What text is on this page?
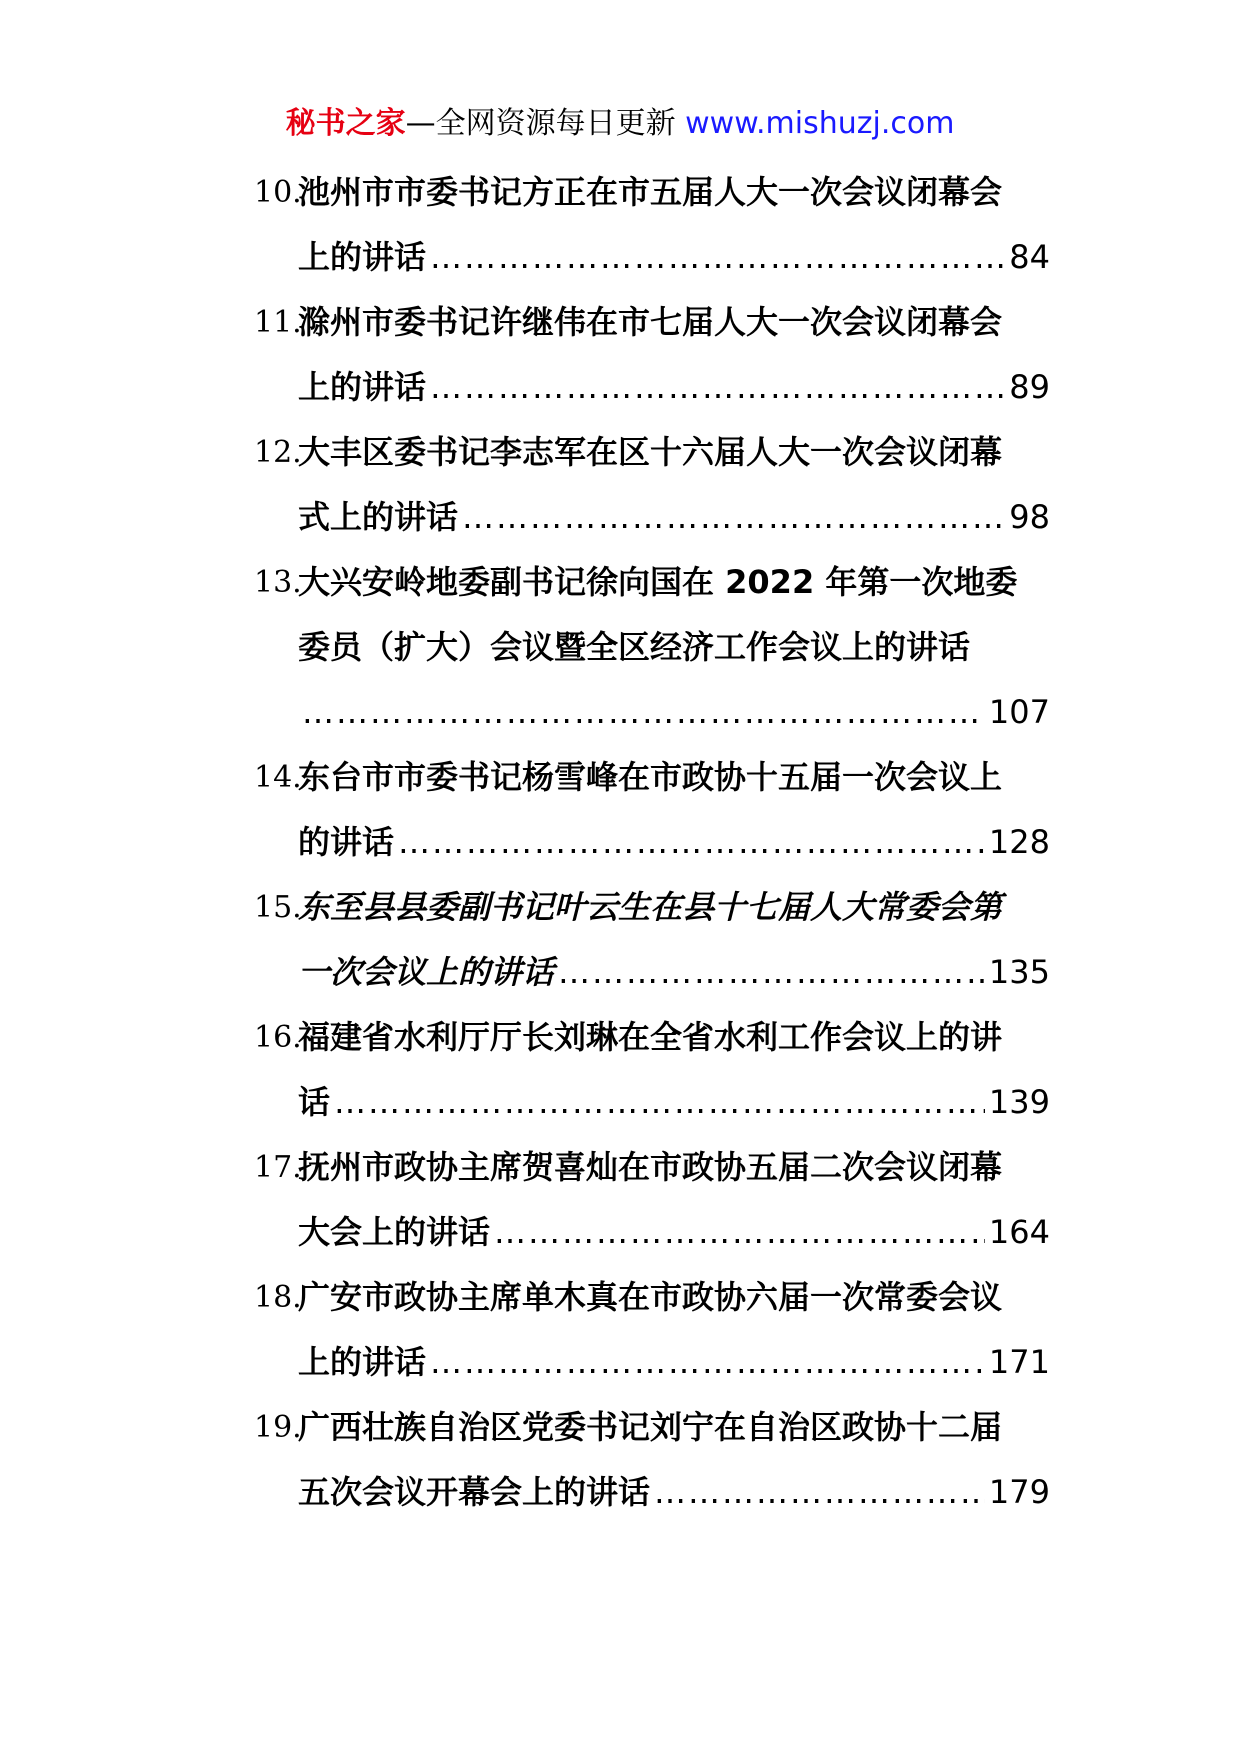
秘书之家—全网资源每日更新 www.mishuzj.com
10.
池州市市委书记方正在市五届人大一次会议闭幕会
上的讲话 …………………………………………………………………………………………………………………………………………………	84
11.
滁州市委书记许继伟在市七届人大一次会议闭幕会
上的讲话 …………………………………………………………………………………………………………………………………………………	89
12.
大丰区委书记李志军在区十六届人大一次会议闭幕
式上的讲话 …………………………………………………………………………………………………………………………………………………	98
13.
大兴安岭地委副书记徐向国在 2022 年第一次地委
委员（扩大）会议暨全区经济工作会议上的讲话
…………………………………………………………………………………………………………………………………………………
107
14.
东台市市委书记杨雪峰在市政协十五届一次会议上
的讲话 …………………………………………………………………………………………………………………………………………………	128
15.
东至县县委副书记叶云生在县十七届人大常委会第
一次会议上的讲话 …………………………………………………………………………………………………………………………………………………	135
16.
福建省水利厅厅长刘琳在全省水利工作会议上的讲
话 …………………………………………………………………………………………………………………………………………………	139
17.
抚州市政协主席贺喜灿在市政协五届二次会议闭幕
大会上的讲话 …………………………………………………………………………………………………………………………………………………	164
18.
广安市政协主席单木真在市政协六届一次常委会议
上的讲话 …………………………………………………………………………………………………………………………………………………	171
19.
广西壮族自治区党委书记刘宁在自治区政协十二届
五次会议开幕会上的讲话 …………………………………………………………………………………………………………………………………………………	179
